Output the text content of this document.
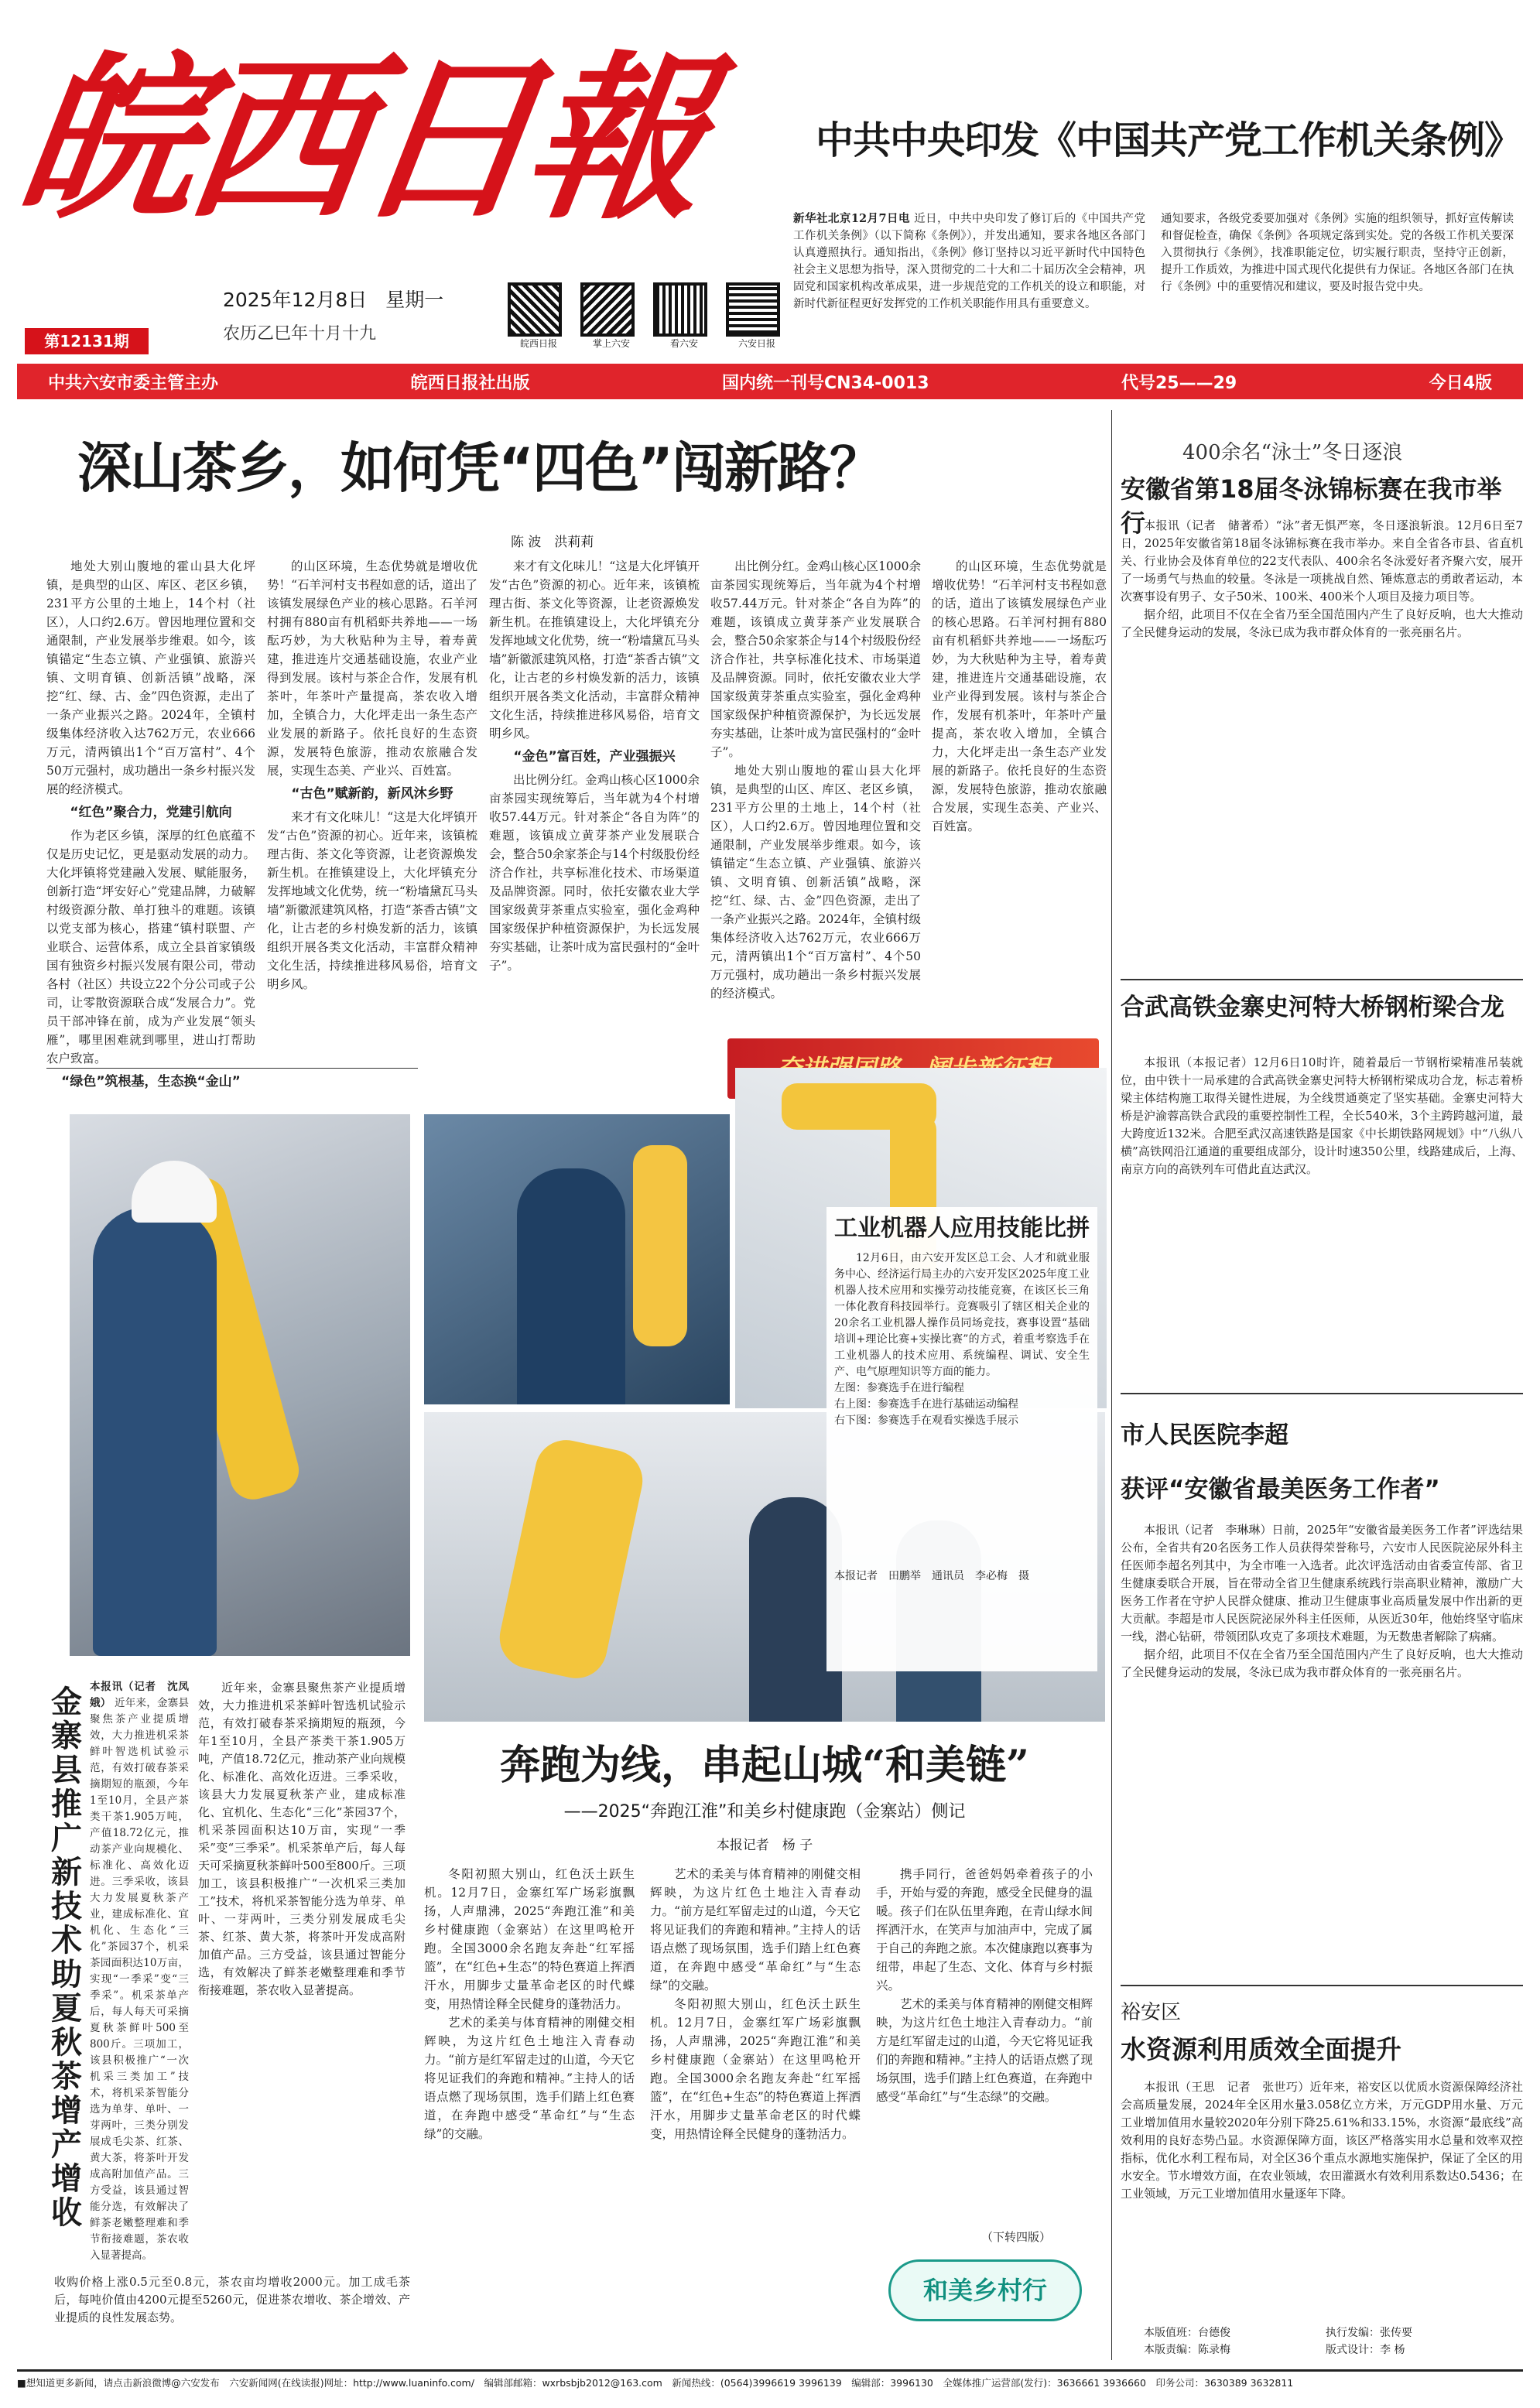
皖西日報
第12131期
2025年12月8日 星期一
农历乙巳年十月十九	皖西日报	掌上六安	看六安	六安日报
中共中央印发《中国共产党工作机关条例》
新华社北京12月7日电 近日，中共中央印发了修订后的《中国共产党工作机关条例》（以下简称《条例》），并发出通知，要求各地区各部门认真遵照执行。通知指出，《条例》修订坚持以习近平新时代中国特色社会主义思想为指导，深入贯彻党的二十大和二十届历次全会精神，巩固党和国家机构改革成果，进一步规范党的工作机关的设立和职能，对新时代新征程更好发挥党的工作机关职能作用具有重要意义。
通知要求，各级党委要加强对《条例》实施的组织领导，抓好宣传解读和督促检查，确保《条例》各项规定落到实处。党的各级工作机关要深入贯彻执行《条例》，找准职能定位，切实履行职责，坚持守正创新，提升工作质效，为推进中国式现代化提供有力保证。各地区各部门在执行《条例》中的重要情况和建议，要及时报告党中央。
中共六安市委主管主办	皖西日报社出版	国内统一刊号CN34-0013	代号25——29	今日4版
深山茶乡，如何凭“四色”闯新路？
陈 波　洪莉莉

地处大别山腹地的霍山县大化坪镇，是典型的山区、库区、老区乡镇，231平方公里的土地上，14个村（社区），人口约2.6万。曾因地理位置和交通限制，产业发展举步维艰。如今，该镇锚定“生态立镇、产业强镇、旅游兴镇、文明育镇、创新活镇”战略，深挖“红、绿、古、金”四色资源，走出了一条产业振兴之路。2024年，全镇村级集体经济收入达762万元，农业666万元，清两镇出1个“百万富村”、4个50万元强村，成功趟出一条乡村振兴发展的经济模式。

“红色”聚合力，党建引航向

作为老区乡镇，深厚的红色底蕴不仅是历史记忆，更是驱动发展的动力。大化坪镇将党建融入发展、赋能服务，创新打造“坪安好心”党建品牌，力破解村级资源分散、单打独斗的难题。该镇以党支部为核心，搭建“镇村联盟、产业联合、运营体系，成立全县首家镇级国有独资乡村振兴发展有限公司，带动各村（社区）共设立22个分公司或子公司，让零散资源联合成“发展合力”。党员干部冲锋在前，成为产业发展“领头雁”，哪里困难就到哪里，进山打帮助农户致富。

“绿色”筑根基，生态换“金山”

的山区环境，生态优势就是增收优势！“石羊河村支书程如意的话，道出了该镇发展绿色产业的核心思路。石羊河村拥有880亩有机稻虾共养地——一场酝巧妙，为大秋贴种为主导，着寿黄建，推进连片交通基础设施，农业产业得到发展。该村与茶企合作，发展有机茶叶，年茶叶产量提高，茶农收入增加，全镇合力，大化坪走出一条生态产业发展的新路子。依托良好的生态资源，发展特色旅游，推动农旅融合发展，实现生态美、产业兴、百姓富。

“古色”赋新韵，新风沐乡野

来才有文化味儿！“这是大化坪镇开发“古色”资源的初心。近年来，该镇梳理古街、茶文化等资源，让老资源焕发新生机。在推镇建设上，大化坪镇充分发挥地域文化优势，统一“粉墙黛瓦马头墙”新徽派建筑风格，打造“茶香古镇”文化，让古老的乡村焕发新的活力，该镇组织开展各类文化活动，丰富群众精神文化生活，持续推进移风易俗，培育文明乡风。

来才有文化味儿！“这是大化坪镇开发“古色”资源的初心。近年来，该镇梳理古街、茶文化等资源，让老资源焕发新生机。在推镇建设上，大化坪镇充分发挥地域文化优势，统一“粉墙黛瓦马头墙”新徽派建筑风格，打造“茶香古镇”文化，让古老的乡村焕发新的活力，该镇组织开展各类文化活动，丰富群众精神文化生活，持续推进移风易俗，培育文明乡风。

“金色”富百姓，产业强振兴

出比例分红。金鸡山核心区1000余亩茶园实现统筹后，当年就为4个村增收57.44万元。针对茶企“各自为阵”的难题，该镇成立黄芽茶产业发展联合会，整合50余家茶企与14个村级股份经济合作社，共享标准化技术、市场渠道及品牌资源。同时，依托安徽农业大学国家级黄芽茶重点实验室，强化金鸡种国家级保护种植资源保护，为长远发展夯实基础，让茶叶成为富民强村的“金叶子”。

出比例分红。金鸡山核心区1000余亩茶园实现统筹后，当年就为4个村增收57.44万元。针对茶企“各自为阵”的难题，该镇成立黄芽茶产业发展联合会，整合50余家茶企与14个村级股份经济合作社，共享标准化技术、市场渠道及品牌资源。同时，依托安徽农业大学国家级黄芽茶重点实验室，强化金鸡种国家级保护种植资源保护，为长远发展夯实基础，让茶叶成为富民强村的“金叶子”。

地处大别山腹地的霍山县大化坪镇，是典型的山区、库区、老区乡镇，231平方公里的土地上，14个村（社区），人口约2.6万。曾因地理位置和交通限制，产业发展举步维艰。如今，该镇锚定“生态立镇、产业强镇、旅游兴镇、文明育镇、创新活镇”战略，深挖“红、绿、古、金”四色资源，走出了一条产业振兴之路。2024年，全镇村级集体经济收入达762万元，农业666万元，清两镇出1个“百万富村”、4个50万元强村，成功趟出一条乡村振兴发展的经济模式。

的山区环境，生态优势就是增收优势！“石羊河村支书程如意的话，道出了该镇发展绿色产业的核心思路。石羊河村拥有880亩有机稻虾共养地——一场酝巧妙，为大秋贴种为主导，着寿黄建，推进连片交通基础设施，农业产业得到发展。该村与茶企合作，发展有机茶叶，年茶叶产量提高，茶农收入增加，全镇合力，大化坪走出一条生态产业发展的新路子。依托良好的生态资源，发展特色旅游，推动农旅融合发展，实现生态美、产业兴、百姓富。

工业机器人应用技能比拼

12月6日，由六安开发区总工会、人才和就业服务中心、经济运行局主办的六安开发区2025年度工业机器人技术应用和实操劳动技能竞赛，在该区长三角一体化教育科技园举行。竞赛吸引了辖区相关企业的20余名工业机器人操作员同场竞技，赛事设置“基础培训+理论比赛+实操比赛”的方式，着重考察选手在工业机器人的技术应用、系统编程、调试、安全生产、电气原理知识等方面的能力。

左图：参赛选手在进行编程
右上图：参赛选手在进行基础运动编程
右下图：参赛选手在观看实操选手展示
本报记者　田鹏举　通讯员　李必梅　摄
金寨县推广新技术助夏秋茶增产增收
本报讯（记者　沈凤娥） 近年来，金寨县聚焦茶产业提质增效，大力推进机采茶鲜叶智选机试验示范，有效打破春茶采摘期短的瓶颈，今年1至10月，全县产茶类干茶1.905万吨，产值18.72亿元，推动茶产业向规模化、标准化、高效化迈进。三季采收，该县大力发展夏秋茶产业，建成标准化、宜机化、生态化“三化”茶园37个，机采茶园面积达10万亩，实现“一季采”变“三季采”。机采茶单产后，每人每天可采摘夏秋茶鲜叶500至800斤。三项加工，该县积极推广“一次机采三类加工”技术，将机采茶智能分选为单芽、单叶、一芽两叶，三类分别发展成毛尖茶、红茶、黄大茶，将茶叶开发成高附加值产品。三方受益，该县通过智能分选，有效解决了鲜茶老嫩整理难和季节衔接难题，茶农收入显著提高。

近年来，金寨县聚焦茶产业提质增效，大力推进机采茶鲜叶智选机试验示范，有效打破春茶采摘期短的瓶颈，今年1至10月，全县产茶类干茶1.905万吨，产值18.72亿元，推动茶产业向规模化、标准化、高效化迈进。三季采收，该县大力发展夏秋茶产业，建成标准化、宜机化、生态化“三化”茶园37个，机采茶园面积达10万亩，实现“一季采”变“三季采”。机采茶单产后，每人每天可采摘夏秋茶鲜叶500至800斤。三项加工，该县积极推广“一次机采三类加工”技术，将机采茶智能分选为单芽、单叶、一芽两叶，三类分别发展成毛尖茶、红茶、黄大茶，将茶叶开发成高附加值产品。三方受益，该县通过智能分选，有效解决了鲜茶老嫩整理难和季节衔接难题，茶农收入显著提高。

收购价格上涨0.5元至0.8元，茶农亩均增收2000元。加工成毛茶后，每吨价值由4200元提至5260元，促进茶农增收、茶企增效、产业提质的良性发展态势。
奔跑为线，串起山城“和美链”
——2025“奔跑江淮”和美乡村健康跑（金寨站）侧记
本报记者　杨 子

冬阳初照大别山，红色沃土跃生机。12月7日，金寨红军广场彩旗飘扬，人声鼎沸，2025“奔跑江淮”和美乡村健康跑（金寨站）在这里鸣枪开跑。全国3000余名跑友奔赴“红军摇篮”，在“红色+生态”的特色赛道上挥洒汗水，用脚步丈量革命老区的时代蝶变，用热情诠释全民健身的蓬勃活力。

艺术的柔美与体育精神的刚健交相辉映，为这片红色土地注入青春动力。“前方是红军留走过的山道，今天它将见证我们的奔跑和精神。”主持人的话语点燃了现场氛围，选手们踏上红色赛道，在奔跑中感受“革命红”与“生态绿”的交融。

艺术的柔美与体育精神的刚健交相辉映，为这片红色土地注入青春动力。“前方是红军留走过的山道，今天它将见证我们的奔跑和精神。”主持人的话语点燃了现场氛围，选手们踏上红色赛道，在奔跑中感受“革命红”与“生态绿”的交融。

冬阳初照大别山，红色沃土跃生机。12月7日，金寨红军广场彩旗飘扬，人声鼎沸，2025“奔跑江淮”和美乡村健康跑（金寨站）在这里鸣枪开跑。全国3000余名跑友奔赴“红军摇篮”，在“红色+生态”的特色赛道上挥洒汗水，用脚步丈量革命老区的时代蝶变，用热情诠释全民健身的蓬勃活力。

携手同行，爸爸妈妈牵着孩子的小手，开始与爱的奔跑，感受全民健身的温暖。孩子们在队伍里奔跑，在青山绿水间挥洒汗水，在笑声与加油声中，完成了属于自己的奔跑之旅。本次健康跑以赛事为纽带，串起了生态、文化、体育与乡村振兴。

艺术的柔美与体育精神的刚健交相辉映，为这片红色土地注入青春动力。“前方是红军留走过的山道，今天它将见证我们的奔跑和精神。”主持人的话语点燃了现场氛围，选手们踏上红色赛道，在奔跑中感受“革命红”与“生态绿”的交融。

（下转四版）
和美乡村行
400余名“泳士”冬日逐浪
安徽省第18届冬泳锦标赛在我市举行

本报讯（记者　储著希）“泳”者无惧严寒，冬日逐浪斩浪。12月6日至7日，2025年安徽省第18届冬泳锦标赛在我市举办。来自全省各市县、省直机关、行业协会及体育单位的22支代表队、400余名冬泳爱好者齐聚六安，展开了一场勇气与热血的较量。冬泳是一项挑战自然、锤炼意志的勇敢者运动，本次赛事设有男子、女子50米、100米、400米个人项目及接力项目等。

据介绍，此项目不仅在全省乃至全国范围内产生了良好反响，也大大推动了全民健身运动的发展，冬泳已成为我市群众体育的一张亮丽名片。

合武高铁金寨史河特大桥钢桁梁合龙

本报讯（本报记者）12月6日10时许，随着最后一节钢桁梁精准吊装就位，由中铁十一局承建的合武高铁金寨史河特大桥钢桁梁成功合龙，标志着桥梁主体结构施工取得关键性进展，为全线贯通奠定了坚实基础。金寨史河特大桥是沪渝蓉高铁合武段的重要控制性工程，全长540米，3个主跨跨越河道，最大跨度近132米。合肥至武汉高速铁路是国家《中长期铁路网规划》中“八纵八横”高铁网沿江通道的重要组成部分，设计时速350公里，线路建成后，上海、南京方向的高铁列车可借此直达武汉。

市人民医院李超
获评“安徽省最美医务工作者”

本报讯（记者　李琳琳）日前，2025年“安徽省最美医务工作者”评选结果公布，全省共有20名医务工作人员获得荣誉称号，六安市人民医院泌尿外科主任医师李超名列其中，为全市唯一入选者。此次评选活动由省委宣传部、省卫生健康委联合开展，旨在带动全省卫生健康系统践行崇高职业精神，激励广大医务工作者在守护人民群众健康、推动卫生健康事业高质量发展中作出新的更大贡献。李超是市人民医院泌尿外科主任医师，从医近30年，他始终坚守临床一线，潜心钻研，带领团队攻克了多项技术难题，为无数患者解除了病痛。

据介绍，此项目不仅在全省乃至全国范围内产生了良好反响，也大大推动了全民健身运动的发展，冬泳已成为我市群众体育的一张亮丽名片。

裕安区
水资源利用质效全面提升

本报讯（王思　记者　张世巧）近年来，裕安区以优质水资源保障经济社会高质量发展，2024年全区用水量3.058亿立方米，万元GDP用水量、万元工业增加值用水量较2020年分别下降25.61%和33.15%，水资源“最底线”高效利用的良好态势凸显。水资源保障方面，该区严格落实用水总量和效率双控指标，优化水利工程布局，对全区36个重点水源地实施保护，保证了全区的用水安全。节水增效方面，在农业领域，农田灌溉水有效利用系数达0.5436；在工业领域，万元工业增加值用水量逐年下降。

本版值班：台德俊	执行发编：张传要
本版责编：陈录梅	版式设计：李 杨
■想知道更多新闻，请点击新浪微博@六安发布　六安新闻网(在线读报)网址：http://www.luaninfo.com/　编辑部邮箱：wxrbsbjb2012@163.com　新闻热线：(0564)3996619 3996139　编辑部：3996130　全媒体推广运营部(发行)：3636661 3936660　印务公司：3630389 3632811
